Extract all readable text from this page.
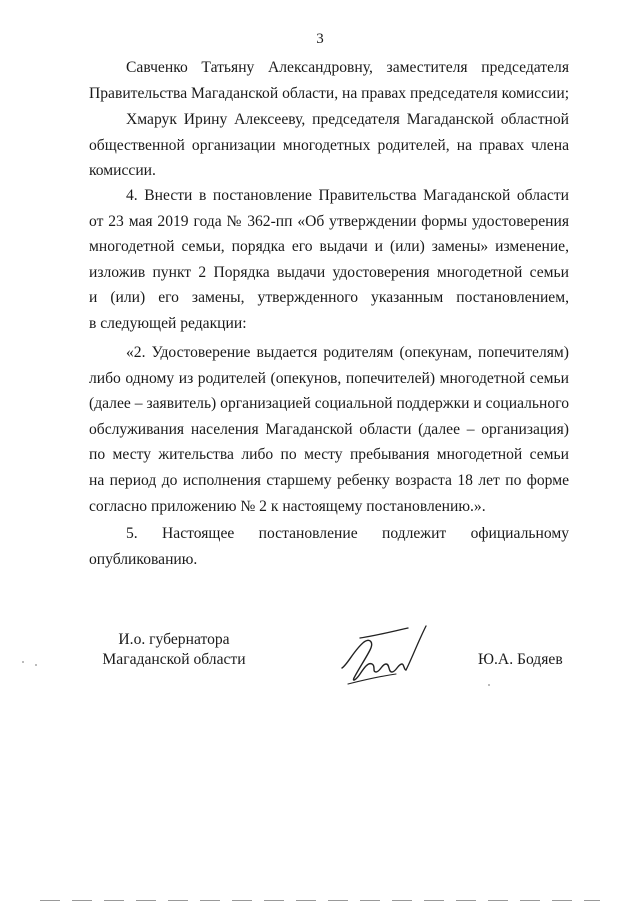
3
Савченко Татьяну Александровну, заместителя председателя
Правительства Магаданской области, на правах председателя комиссии;
Хмарук Ирину Алексееву, председателя Магаданской областной
общественной организации многодетных родителей, на правах члена
комиссии.
4. Внести в постановление Правительства Магаданской области
от 23 мая 2019 года № 362-пп «Об утверждении формы удостоверения
многодетной семьи, порядка его выдачи и (или) замены» изменение,
изложив пункт 2 Порядка выдачи удостоверения многодетной семьи
и (или) его замены, утвержденного указанным постановлением,
в следующей редакции:
«2. Удостоверение выдается родителям (опекунам, попечителям)
либо одному из родителей (опекунов, попечителей) многодетной семьи
(далее – заявитель) организацией социальной поддержки и социального
обслуживания населения Магаданской области (далее – организация)
по месту жительства либо по месту пребывания многодетной семьи
на период до исполнения старшему ребенку возраста 18 лет по форме
согласно приложению № 2 к настоящему постановлению.».
5. Настоящее постановление подлежит официальному
опубликованию.
И.о. губернатора
Магаданской области	Ю.А. Бодяев
